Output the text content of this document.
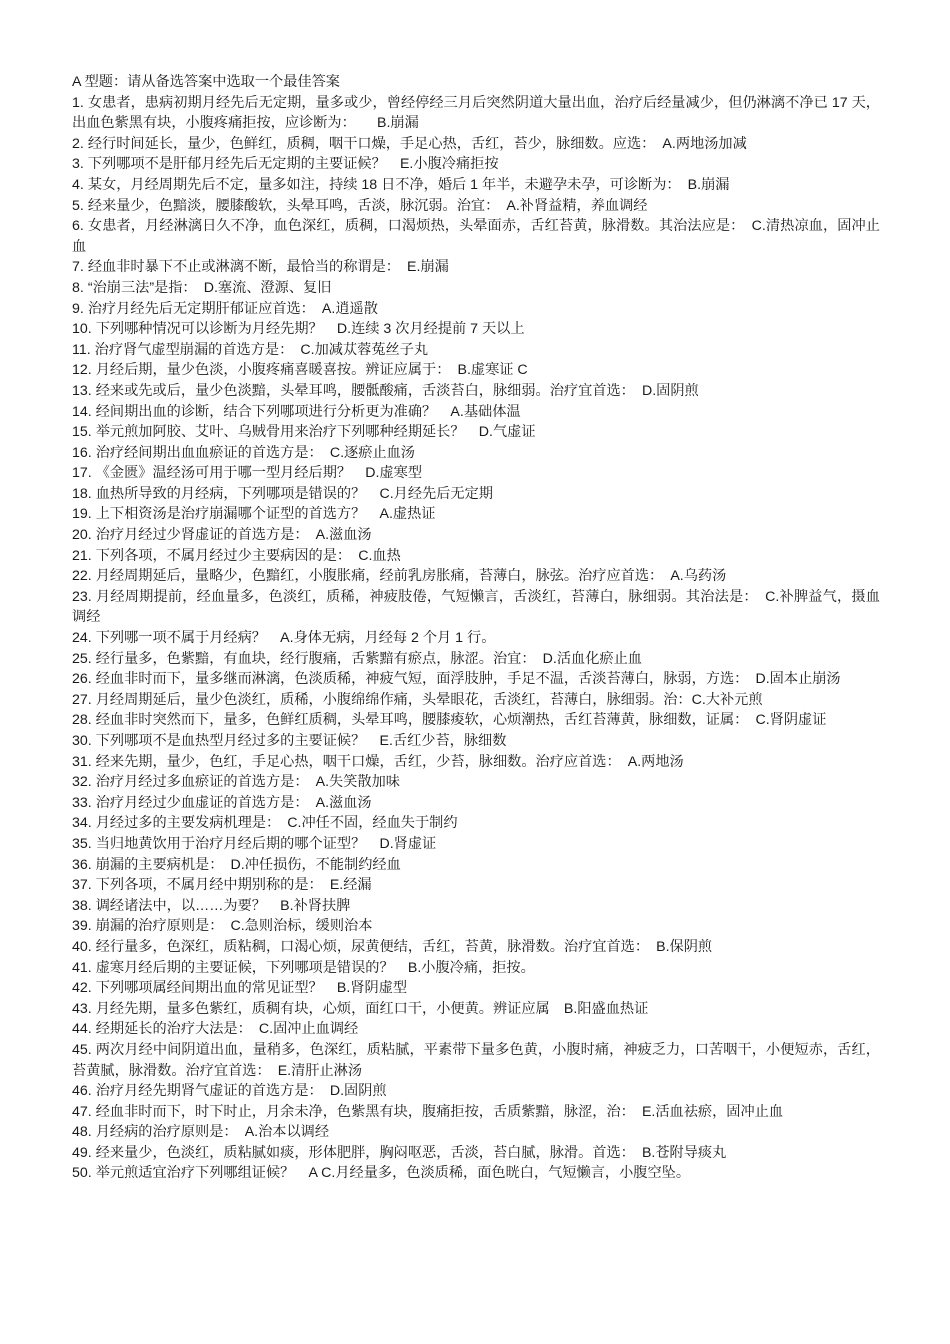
A 型题：请从备选答案中选取一个最佳答案

1. 女患者，患病初期月经先后无定期，量多或少，曾经停经三月后突然阴道大量出血，治疗后经量减少，但仍淋漓不净已 17 天，出血色紫黑有块，小腹疼痛拒按，应诊断为：　　B.崩漏

2. 经行时间延长，量少，色鲜红，质稠，咽干口燥，手足心热，舌红，苔少，脉细数。应选：　A.两地汤加减

3. 下列哪项不是肝郁月经先后无定期的主要证候？　E.小腹冷痛拒按

4. 某女，月经周期先后不定，量多如注，持续 18 日不净，婚后 1 年半，未避孕未孕，可诊断为：　B.崩漏

5. 经来量少，色黯淡，腰膝酸软，头晕耳鸣，舌淡，脉沉弱。治宜：　A.补肾益精，养血调经

6. 女患者，月经淋漓日久不净，血色深红，质稠，口渴烦热，头晕面赤，舌红苔黄，脉滑数。其治法应是：　C.清热凉血，固冲止血

7. 经血非时暴下不止或淋漓不断，最恰当的称谓是：　E.崩漏

8. “治崩三法”是指：　D.塞流、澄源、复旧

9. 治疗月经先后无定期肝郁证应首选：　A.逍遥散

10. 下列哪种情况可以诊断为月经先期？　D.连续 3 次月经提前 7 天以上

11. 治疗肾气虚型崩漏的首选方是：　C.加减苁蓉菟丝子丸

12. 月经后期，量少色淡，小腹疼痛喜暖喜按。辨证应属于：　B.虚寒证 C

13. 经来或先或后，量少色淡黯，头晕耳鸣，腰骶酸痛，舌淡苔白，脉细弱。治疗宜首选：　D.固阴煎

14. 经间期出血的诊断，结合下列哪项进行分析更为准确？　A.基础体温

15. 举元煎加阿胶、艾叶、乌贼骨用来治疗下列哪种经期延长？　D.气虚证

16. 治疗经间期出血血瘀证的首选方是：　C.逐瘀止血汤

17. 《金匮》温经汤可用于哪一型月经后期？　D.虚寒型

18. 血热所导致的月经病，下列哪项是错误的？　C.月经先后无定期

19. 上下相资汤是治疗崩漏哪个证型的首选方？　A.虚热证

20. 治疗月经过少肾虚证的首选方是：　A.滋血汤

21. 下列各项，不属月经过少主要病因的是：　C.血热

22. 月经周期延后，量略少，色黯红，小腹胀痛，经前乳房胀痛，苔薄白，脉弦。治疗应首选：　A.乌药汤

23. 月经周期提前，经血量多，色淡红，质稀，神疲肢倦，气短懒言，舌淡红，苔薄白，脉细弱。其治法是：　C.补脾益气，摄血调经

24. 下列哪一项不属于月经病？　A.身体无病，月经每 2 个月 1 行。

25. 经行量多，色紫黯，有血块，经行腹痛，舌紫黯有瘀点，脉涩。治宜：　D.活血化瘀止血

26. 经血非时而下，量多继而淋漓，色淡质稀，神疲气短，面浮肢肿，手足不温，舌淡苔薄白，脉弱，方选：　D.固本止崩汤

27. 月经周期延后，量少色淡红，质稀，小腹绵绵作痛，头晕眼花，舌淡红，苔薄白，脉细弱。治：C.大补元煎

28. 经血非时突然而下，量多，色鲜红质稠，头晕耳鸣，腰膝痠软，心烦潮热，舌红苔薄黄，脉细数，证属：　C.肾阴虚证

30. 下列哪项不是血热型月经过多的主要证候？　E.舌红少苔，脉细数

31. 经来先期，量少，色红，手足心热，咽干口燥，舌红，少苔，脉细数。治疗应首选：　A.两地汤

32. 治疗月经过多血瘀证的首选方是：　A.失笑散加味

33. 治疗月经过少血虚证的首选方是：　A.滋血汤

34. 月经过多的主要发病机理是：　C.冲任不固，经血失于制约

35. 当归地黄饮用于治疗月经后期的哪个证型？　D.肾虚证

36. 崩漏的主要病机是：　D.冲任损伤，不能制约经血

37. 下列各项，不属月经中期别称的是：　E.经漏

38. 调经诸法中，以……为要？　B.补肾扶脾

39. 崩漏的治疗原则是：　C.急则治标，缓则治本

40. 经行量多，色深红，质粘稠，口渴心烦，尿黄便结，舌红，苔黄，脉滑数。治疗宜首选：　B.保阴煎

41. 虚寒月经后期的主要证候，下列哪项是错误的？　B.小腹冷痛，拒按。

42. 下列哪项属经间期出血的常见证型？　B.肾阴虚型

43. 月经先期，量多色紫红，质稠有块，心烦，面红口干，小便黄。辨证应属　B.阳盛血热证

44. 经期延长的治疗大法是：　C.固冲止血调经

45. 两次月经中间阴道出血，量稍多，色深红，质粘腻，平素带下量多色黄，小腹时痛，神疲乏力，口苦咽干，小便短赤，舌红，苔黄腻，脉滑数。治疗宜首选：　E.清肝止淋汤

46. 治疗月经先期肾气虚证的首选方是：　D.固阴煎

47. 经血非时而下，时下时止，月余未净，色紫黑有块，腹痛拒按，舌质紫黯，脉涩，治：　E.活血祛瘀，固冲止血

48. 月经病的治疗原则是：　A.治本以调经

49. 经来量少，色淡红，质粘腻如痰，形体肥胖，胸闷呕恶，舌淡，苔白腻，脉滑。首选：　B.苍附导痰丸

50. 举元煎适宜治疗下列哪组证候？　A C.月经量多，色淡质稀，面色晄白，气短懒言，小腹空坠。
